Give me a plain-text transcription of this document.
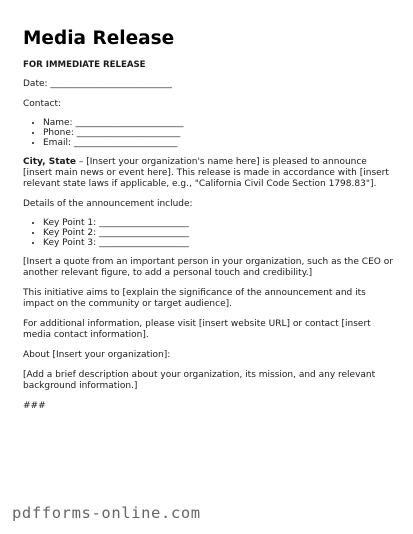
Media Release

FOR IMMEDIATE RELEASE

Date: ___________________________

Contact:

• Name: ________________________
• Phone: _______________________
• Email: _______________________

City, State – [Insert your organization's name here] is pleased to announce [insert main news or event here]. This release is made in accordance with [insert relevant state laws if applicable, e.g., "California Civil Code Section 1798.83"].

Details of the announcement include:

• Key Point 1: ____________________
• Key Point 2: ____________________
• Key Point 3: ____________________

[Insert a quote from an important person in your organization, such as the CEO or another relevant figure, to add a personal touch and credibility.]

This initiative aims to [explain the significance of the announcement and its impact on the community or target audience].

For additional information, please visit [insert website URL] or contact [insert media contact information].

About [Insert your organization]:

[Add a brief description about your organization, its mission, and any relevant background information.]

###

pdfforms-online.com
